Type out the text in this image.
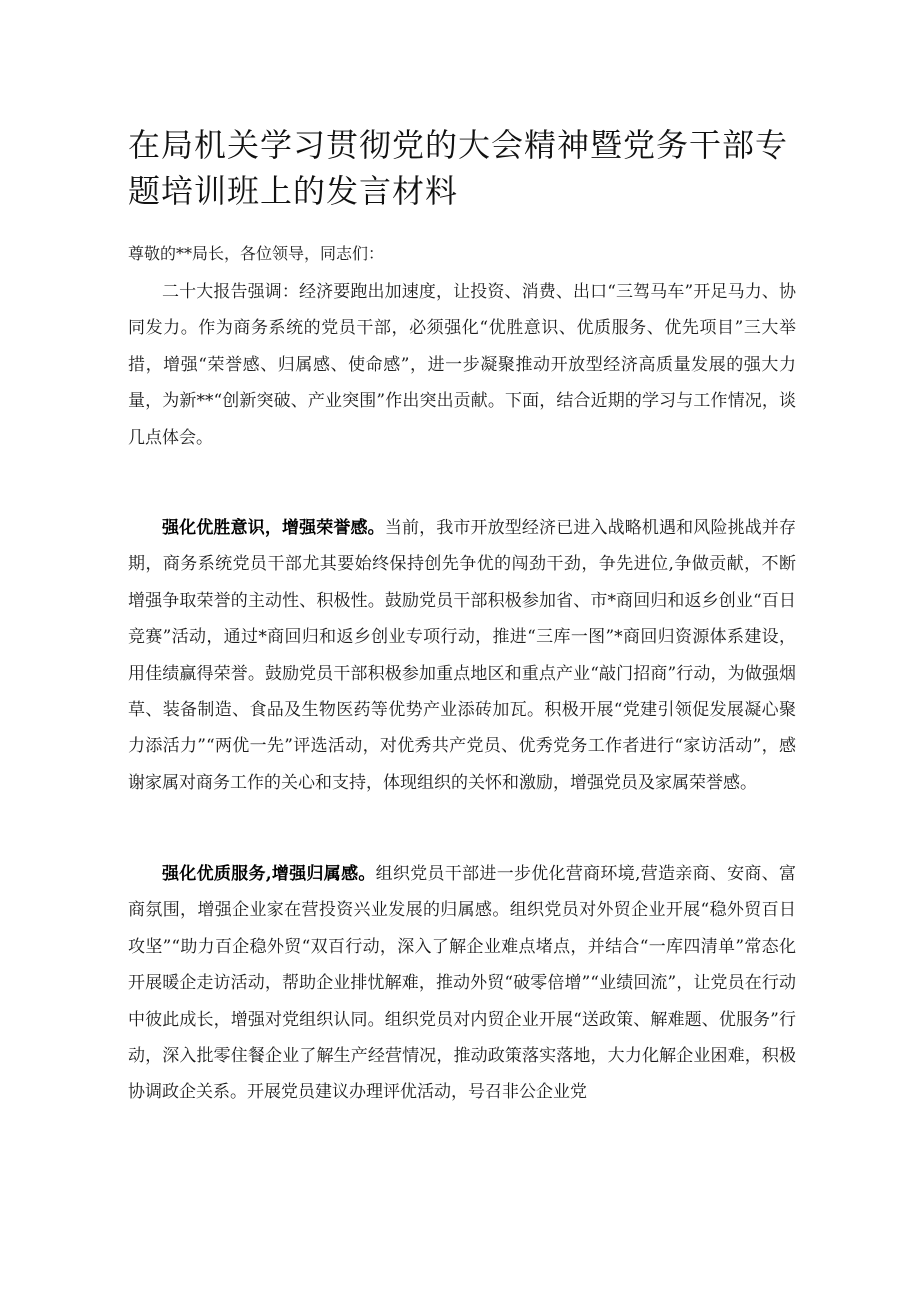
在局机关学习贯彻党的大会精神暨党务干部专题培训班上的发言材料

尊敬的**局长，各位领导，同志们：

二十大报告强调：经济要跑出加速度，让投资、消费、出口“三驾马车”开足马力、协同发力。作为商务系统的党员干部，必须强化“优胜意识、优质服务、优先项目”三大举措，增强“荣誉感、归属感、使命感”，进一步凝聚推动开放型经济高质量发展的强大力量，为新**“创新突破、产业突围”作出突出贡献。下面，结合近期的学习与工作情况，谈几点体会。

强化优胜意识，增强荣誉感。当前，我市开放型经济已进入战略机遇和风险挑战并存期，商务系统党员干部尤其要始终保持创先争优的闯劲干劲，争先进位,争做贡献，不断增强争取荣誉的主动性、积极性。鼓励党员干部积极参加省、市*商回归和返乡创业“百日竞赛”活动，通过*商回归和返乡创业专项行动，推进“三库一图”*商回归资源体系建设，用佳绩赢得荣誉。鼓励党员干部积极参加重点地区和重点产业“敲门招商”行动，为做强烟草、装备制造、食品及生物医药等优势产业添砖加瓦。积极开展“党建引领促发展凝心聚力添活力”“两优一先”评选活动，对优秀共产党员、优秀党务工作者进行“家访活动”，感谢家属对商务工作的关心和支持，体现组织的关怀和激励，增强党员及家属荣誉感。

强化优质服务,增强归属感。组织党员干部进一步优化营商环境,营造亲商、安商、富商氛围，增强企业家在营投资兴业发展的归属感。组织党员对外贸企业开展“稳外贸百日攻坚”“助力百企稳外贸“双百行动，深入了解企业难点堵点，并结合“一库四清单”常态化开展暖企走访活动，帮助企业排忧解难，推动外贸“破零倍增”“业绩回流”，让党员在行动中彼此成长，增强对党组织认同。组织党员对内贸企业开展“送政策、解难题、优服务”行动，深入批零住餐企业了解生产经营情况，推动政策落实落地，大力化解企业困难，积极协调政企关系。开展党员建议办理评优活动，号召非公企业党
